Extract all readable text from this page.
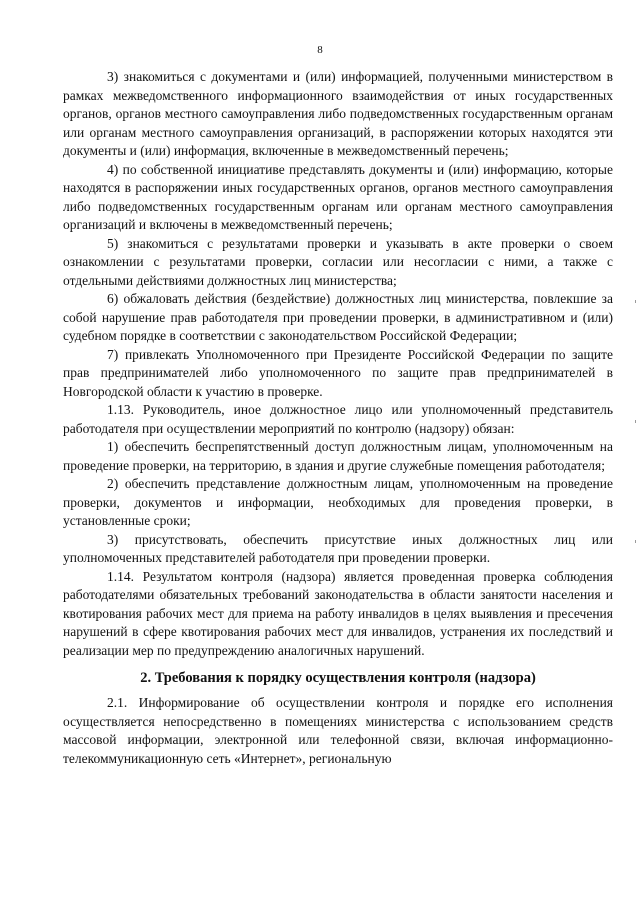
8

3) знакомиться с документами и (или) информацией, полученными министерством в рамках межведомственного информационного взаимодействия от иных государственных органов, органов местного самоуправления либо подведомственных государственным органам или органам местного самоуправления организаций, в распоряжении которых находятся эти документы и (или) информация, включенные в межведомственный перечень;

4) по собственной инициативе представлять документы и (или) информацию, которые находятся в распоряжении иных государственных органов, органов местного самоуправления либо подведомственных государственным органам или органам местного самоуправления организаций и включены в межведомственный перечень;

5) знакомиться с результатами проверки и указывать в акте проверки о своем ознакомлении с результатами проверки, согласии или несогласии с ними, а также с отдельными действиями должностных лиц министерства;

6) обжаловать действия (бездействие) должностных лиц министерства, повлекшие за собой нарушение прав работодателя при проведении проверки, в административном и (или) судебном порядке в соответствии с законодательством Российской Федерации;

7) привлекать Уполномоченного при Президенте Российской Федерации по защите прав предпринимателей либо уполномоченного по защите прав предпринимателей в Новгородской области к участию в проверке.

1.13. Руководитель, иное должностное лицо или уполномоченный представитель работодателя при осуществлении мероприятий по контролю (надзору) обязан:

1) обеспечить беспрепятственный доступ должностным лицам, уполномоченным на проведение проверки, на территорию, в здания и другие служебные помещения работодателя;

2) обеспечить представление должностным лицам, уполномоченным на проведение проверки, документов и информации, необходимых для проведения проверки, в установленные сроки;

3) присутствовать, обеспечить присутствие иных должностных лиц или уполномоченных представителей работодателя при проведении проверки.

1.14. Результатом контроля (надзора) является проведенная проверка соблюдения работодателями обязательных требований законодательства в области занятости населения и квотирования рабочих мест для приема на работу инвалидов в целях выявления и пресечения нарушений в сфере квотирования рабочих мест для инвалидов, устранения их последствий и реализации мер по предупреждению аналогичных нарушений.

2. Требования к порядку осуществления контроля (надзора)

2.1. Информирование об осуществлении контроля и порядке его исполнения осуществляется непосредственно в помещениях министерства с использованием средств массовой информации, электронной или телефонной связи, включая информационно-телекоммуникационную сеть «Интернет», региональную
